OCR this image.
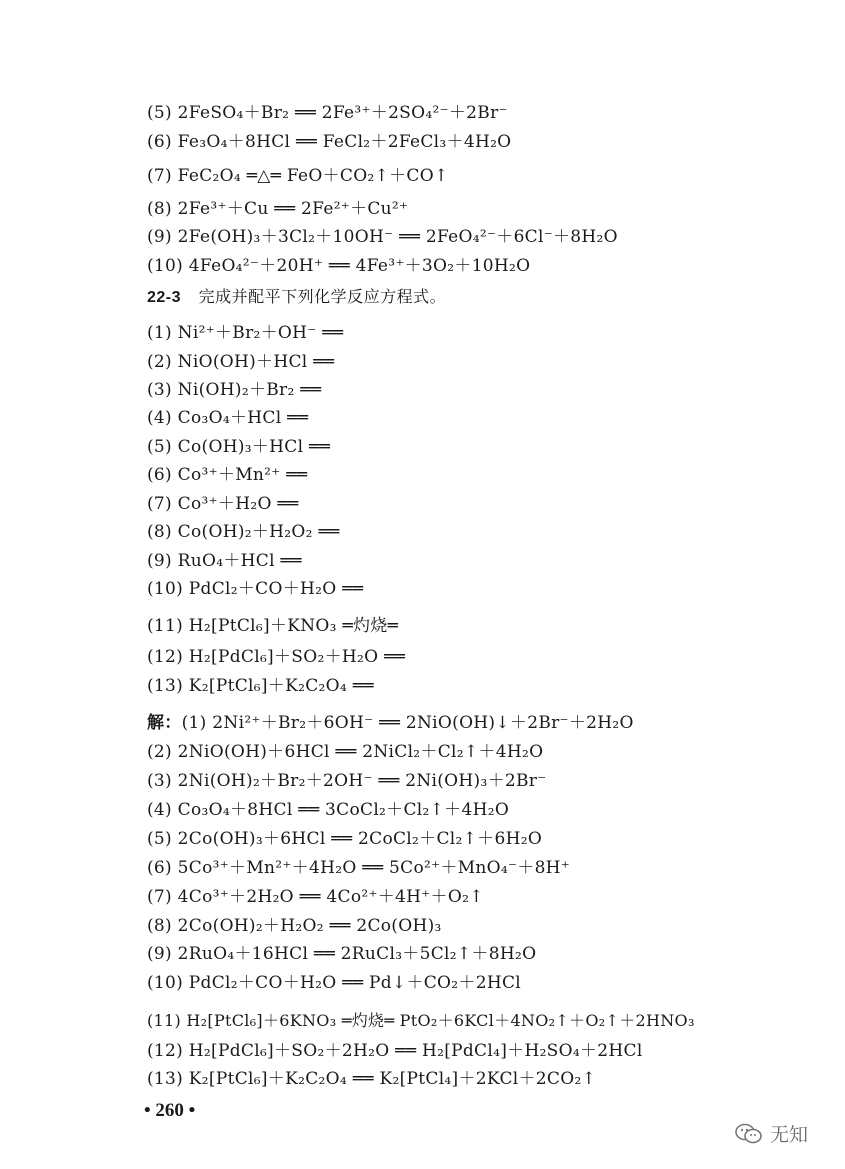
(5) 2FeSO₄＋Br₂ ══ 2Fe³⁺＋2SO₄²⁻＋2Br⁻
(6) Fe₃O₄＋8HCl ══ FeCl₂＋2FeCl₃＋4H₂O
(7) FeC₂O₄ ═△═ FeO＋CO₂↑＋CO↑
(8) 2Fe³⁺＋Cu ══ 2Fe²⁺＋Cu²⁺
(9) 2Fe(OH)₃＋3Cl₂＋10OH⁻ ══ 2FeO₄²⁻＋6Cl⁻＋8H₂O
(10) 4FeO₄²⁻＋20H⁺ ══ 4Fe³⁺＋3O₂＋10H₂O
22-3 完成并配平下列化学反应方程式。
(1) Ni²⁺＋Br₂＋OH⁻ ══
(2) NiO(OH)＋HCl ══
(3) Ni(OH)₂＋Br₂ ══
(4) Co₃O₄＋HCl ══
(5) Co(OH)₃＋HCl ══
(6) Co³⁺＋Mn²⁺ ══
(7) Co³⁺＋H₂O ══
(8) Co(OH)₂＋H₂O₂ ══
(9) RuO₄＋HCl ══
(10) PdCl₂＋CO＋H₂O ══
(11) H₂[PtCl₆]＋KNO₃ ═灼烧═
(12) H₂[PdCl₆]＋SO₂＋H₂O ══
(13) K₂[PtCl₆]＋K₂C₂O₄ ══
解：(1) 2Ni²⁺＋Br₂＋6OH⁻ ══ 2NiO(OH)↓＋2Br⁻＋2H₂O
(2) 2NiO(OH)＋6HCl ══ 2NiCl₂＋Cl₂↑＋4H₂O
(3) 2Ni(OH)₂＋Br₂＋2OH⁻ ══ 2Ni(OH)₃＋2Br⁻
(4) Co₃O₄＋8HCl ══ 3CoCl₂＋Cl₂↑＋4H₂O
(5) 2Co(OH)₃＋6HCl ══ 2CoCl₂＋Cl₂↑＋6H₂O
(6) 5Co³⁺＋Mn²⁺＋4H₂O ══ 5Co²⁺＋MnO₄⁻＋8H⁺
(7) 4Co³⁺＋2H₂O ══ 4Co²⁺＋4H⁺＋O₂↑
(8) 2Co(OH)₂＋H₂O₂ ══ 2Co(OH)₃
(9) 2RuO₄＋16HCl ══ 2RuCl₃＋5Cl₂↑＋8H₂O
(10) PdCl₂＋CO＋H₂O ══ Pd↓＋CO₂＋2HCl
(11) H₂[PtCl₆]＋6KNO₃ ═灼烧═ PtO₂＋6KCl＋4NO₂↑＋O₂↑＋2HNO₃
(12) H₂[PdCl₆]＋SO₂＋2H₂O ══ H₂[PdCl₄]＋H₂SO₄＋2HCl
(13) K₂[PtCl₆]＋K₂C₂O₄ ══ K₂[PtCl₄]＋2KCl＋2CO₂↑
• 260 •
无知
